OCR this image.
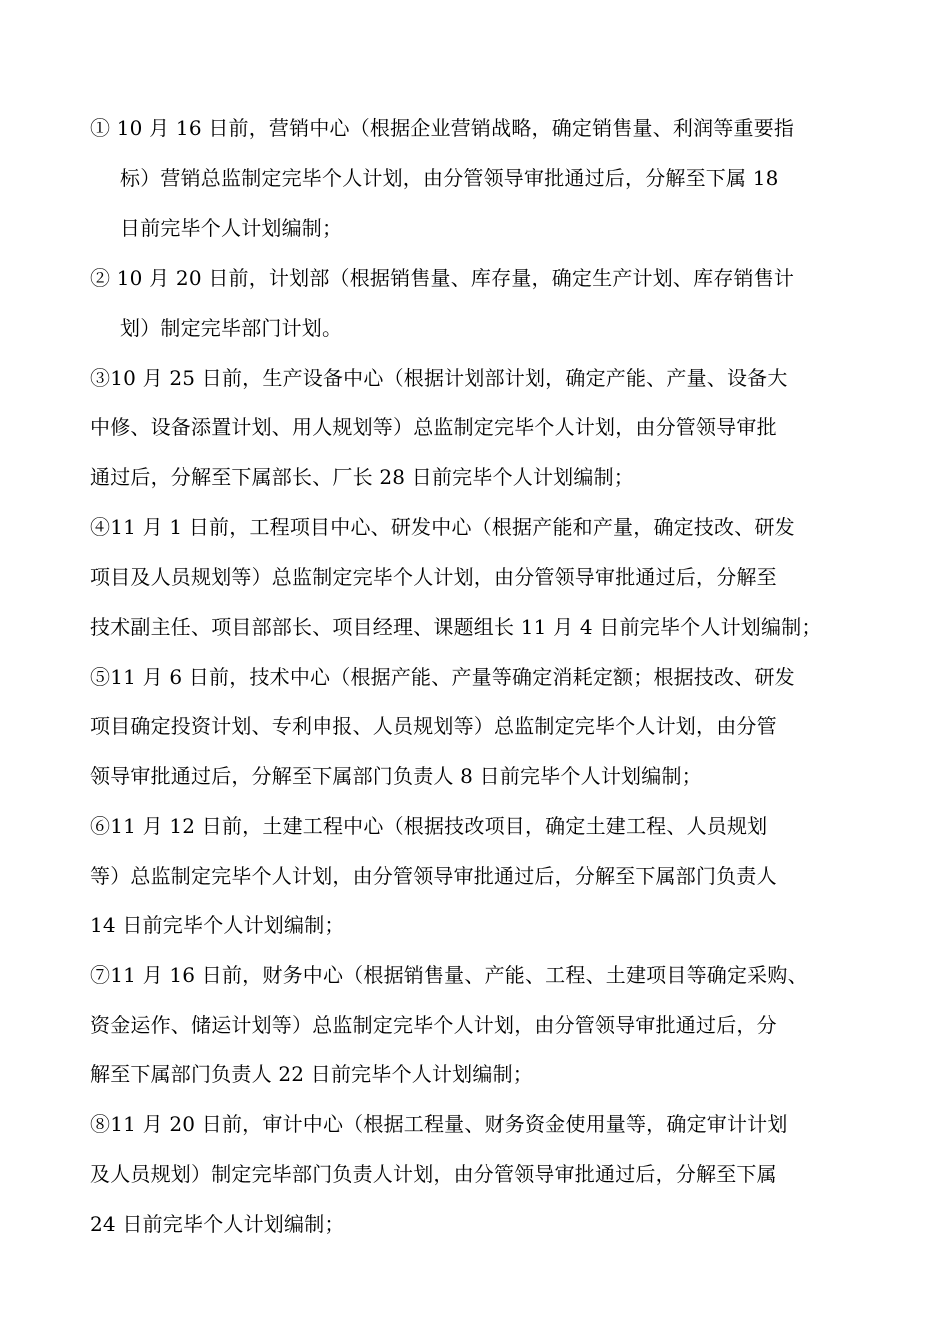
① 10 月 16 日前，营销中心（根据企业营销战略，确定销售量、利润等重要指
标）营销总监制定完毕个人计划，由分管领导审批通过后，分解至下属 18
日前完毕个人计划编制；
② 10 月 20 日前，计划部（根据销售量、库存量，确定生产计划、库存销售计
划）制定完毕部门计划。
③10 月 25 日前，生产设备中心（根据计划部计划，确定产能、产量、设备大
中修、设备添置计划、用人规划等）总监制定完毕个人计划，由分管领导审批
通过后，分解至下属部长、厂长 28 日前完毕个人计划编制；
④11 月 1 日前，工程项目中心、研发中心（根据产能和产量，确定技改、研发
项目及人员规划等）总监制定完毕个人计划，由分管领导审批通过后，分解至
技术副主任、项目部部长、项目经理、课题组长 11 月 4 日前完毕个人计划编制；
⑤11 月 6 日前，技术中心（根据产能、产量等确定消耗定额；根据技改、研发
项目确定投资计划、专利申报、人员规划等）总监制定完毕个人计划，由分管
领导审批通过后，分解至下属部门负责人 8 日前完毕个人计划编制；
⑥11 月 12 日前，土建工程中心（根据技改项目，确定土建工程、人员规划
等）总监制定完毕个人计划，由分管领导审批通过后，分解至下属部门负责人
14 日前完毕个人计划编制；
⑦11 月 16 日前，财务中心（根据销售量、产能、工程、土建项目等确定采购、
资金运作、储运计划等）总监制定完毕个人计划，由分管领导审批通过后，分
解至下属部门负责人 22 日前完毕个人计划编制；
⑧11 月 20 日前，审计中心（根据工程量、财务资金使用量等，确定审计计划
及人员规划）制定完毕部门负责人计划，由分管领导审批通过后，分解至下属
24 日前完毕个人计划编制；
